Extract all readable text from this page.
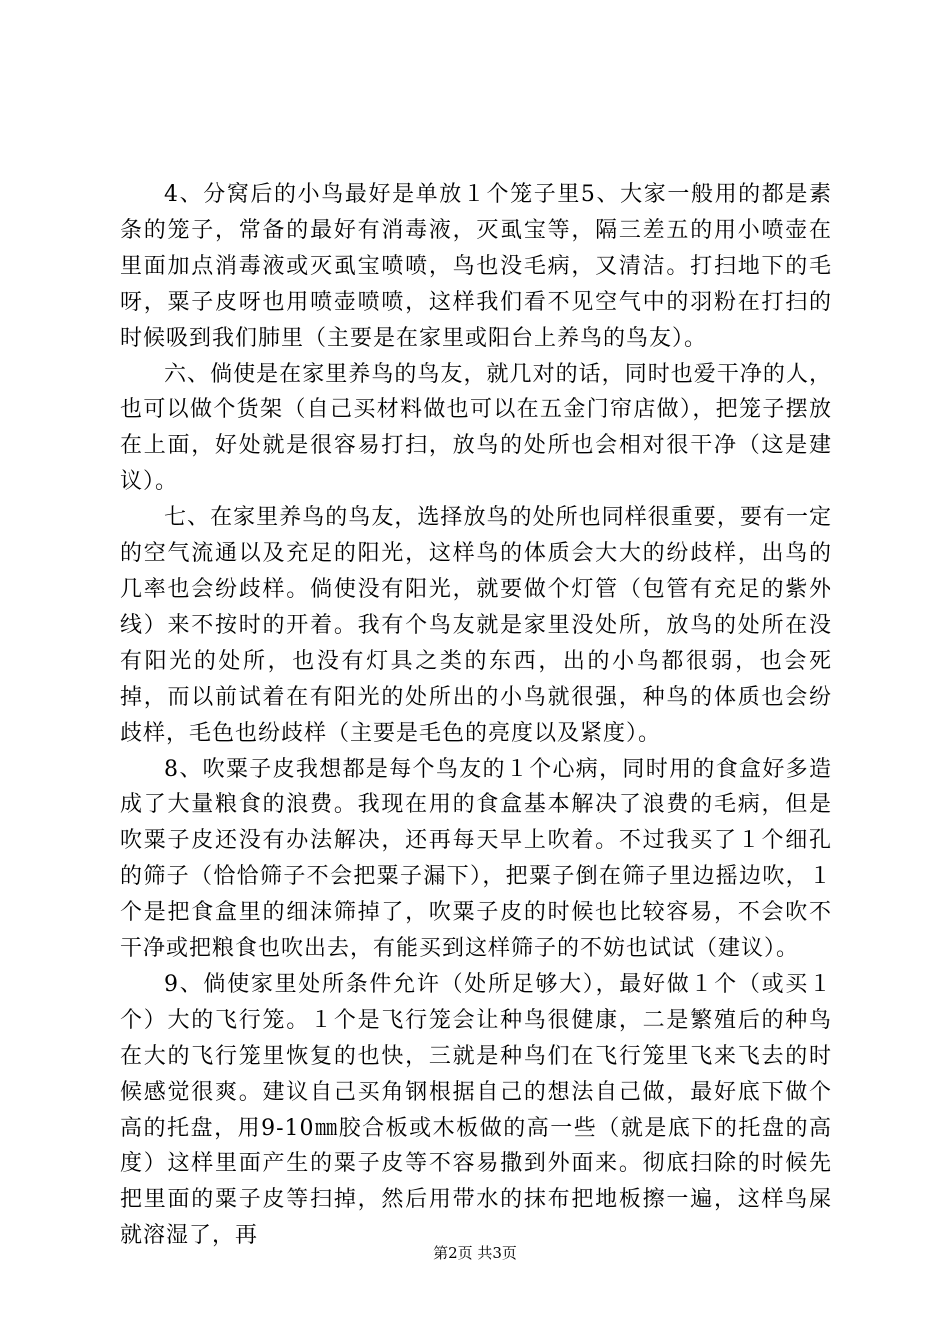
4、分窝后的小鸟最好是单放１个笼子里5、大家一般用的都是素条的笼子，常备的最好有消毒液，灭虱宝等，隔三差五的用小喷壶在里面加点消毒液或灭虱宝喷喷，鸟也没毛病，又清洁。打扫地下的毛呀，粟子皮呀也用喷壶喷喷，这样我们看不见空气中的羽粉在打扫的时候吸到我们肺里（主要是在家里或阳台上养鸟的鸟友）。

六、倘使是在家里养鸟的鸟友，就几对的话，同时也爱干净的人，也可以做个货架（自己买材料做也可以在五金门帘店做），把笼子摆放在上面，好处就是很容易打扫，放鸟的处所也会相对很干净（这是建议）。

七、在家里养鸟的鸟友，选择放鸟的处所也同样很重要，要有一定的空气流通以及充足的阳光，这样鸟的体质会大大的纷歧样，出鸟的几率也会纷歧样。倘使没有阳光，就要做个灯管（包管有充足的紫外线）来不按时的开着。我有个鸟友就是家里没处所，放鸟的处所在没有阳光的处所，也没有灯具之类的东西，出的小鸟都很弱，也会死掉，而以前试着在有阳光的处所出的小鸟就很强，种鸟的体质也会纷歧样，毛色也纷歧样（主要是毛色的亮度以及紧度）。

8、吹粟子皮我想都是每个鸟友的１个心病，同时用的食盒好多造成了大量粮食的浪费。我现在用的食盒基本解决了浪费的毛病，但是吹粟子皮还没有办法解决，还再每天早上吹着。不过我买了１个细孔的筛子（恰恰筛子不会把粟子漏下），把粟子倒在筛子里边摇边吹，１个是把食盒里的细沫筛掉了，吹粟子皮的时候也比较容易，不会吹不干净或把粮食也吹出去，有能买到这样筛子的不妨也试试（建议）。

9、倘使家里处所条件允许（处所足够大），最好做１个（或买１个）大的飞行笼。１个是飞行笼会让种鸟很健康，二是繁殖后的种鸟在大的飞行笼里恢复的也快，三就是种鸟们在飞行笼里飞来飞去的时候感觉很爽。建议自己买角钢根据自己的想法自己做，最好底下做个高的托盘，用9-10㎜胶合板或木板做的高一些（就是底下的托盘的高度）这样里面产生的粟子皮等不容易撒到外面来。彻底扫除的时候先把里面的粟子皮等扫掉，然后用带水的抹布把地板擦一遍，这样鸟屎就溶湿了，再

第2页 共3页
